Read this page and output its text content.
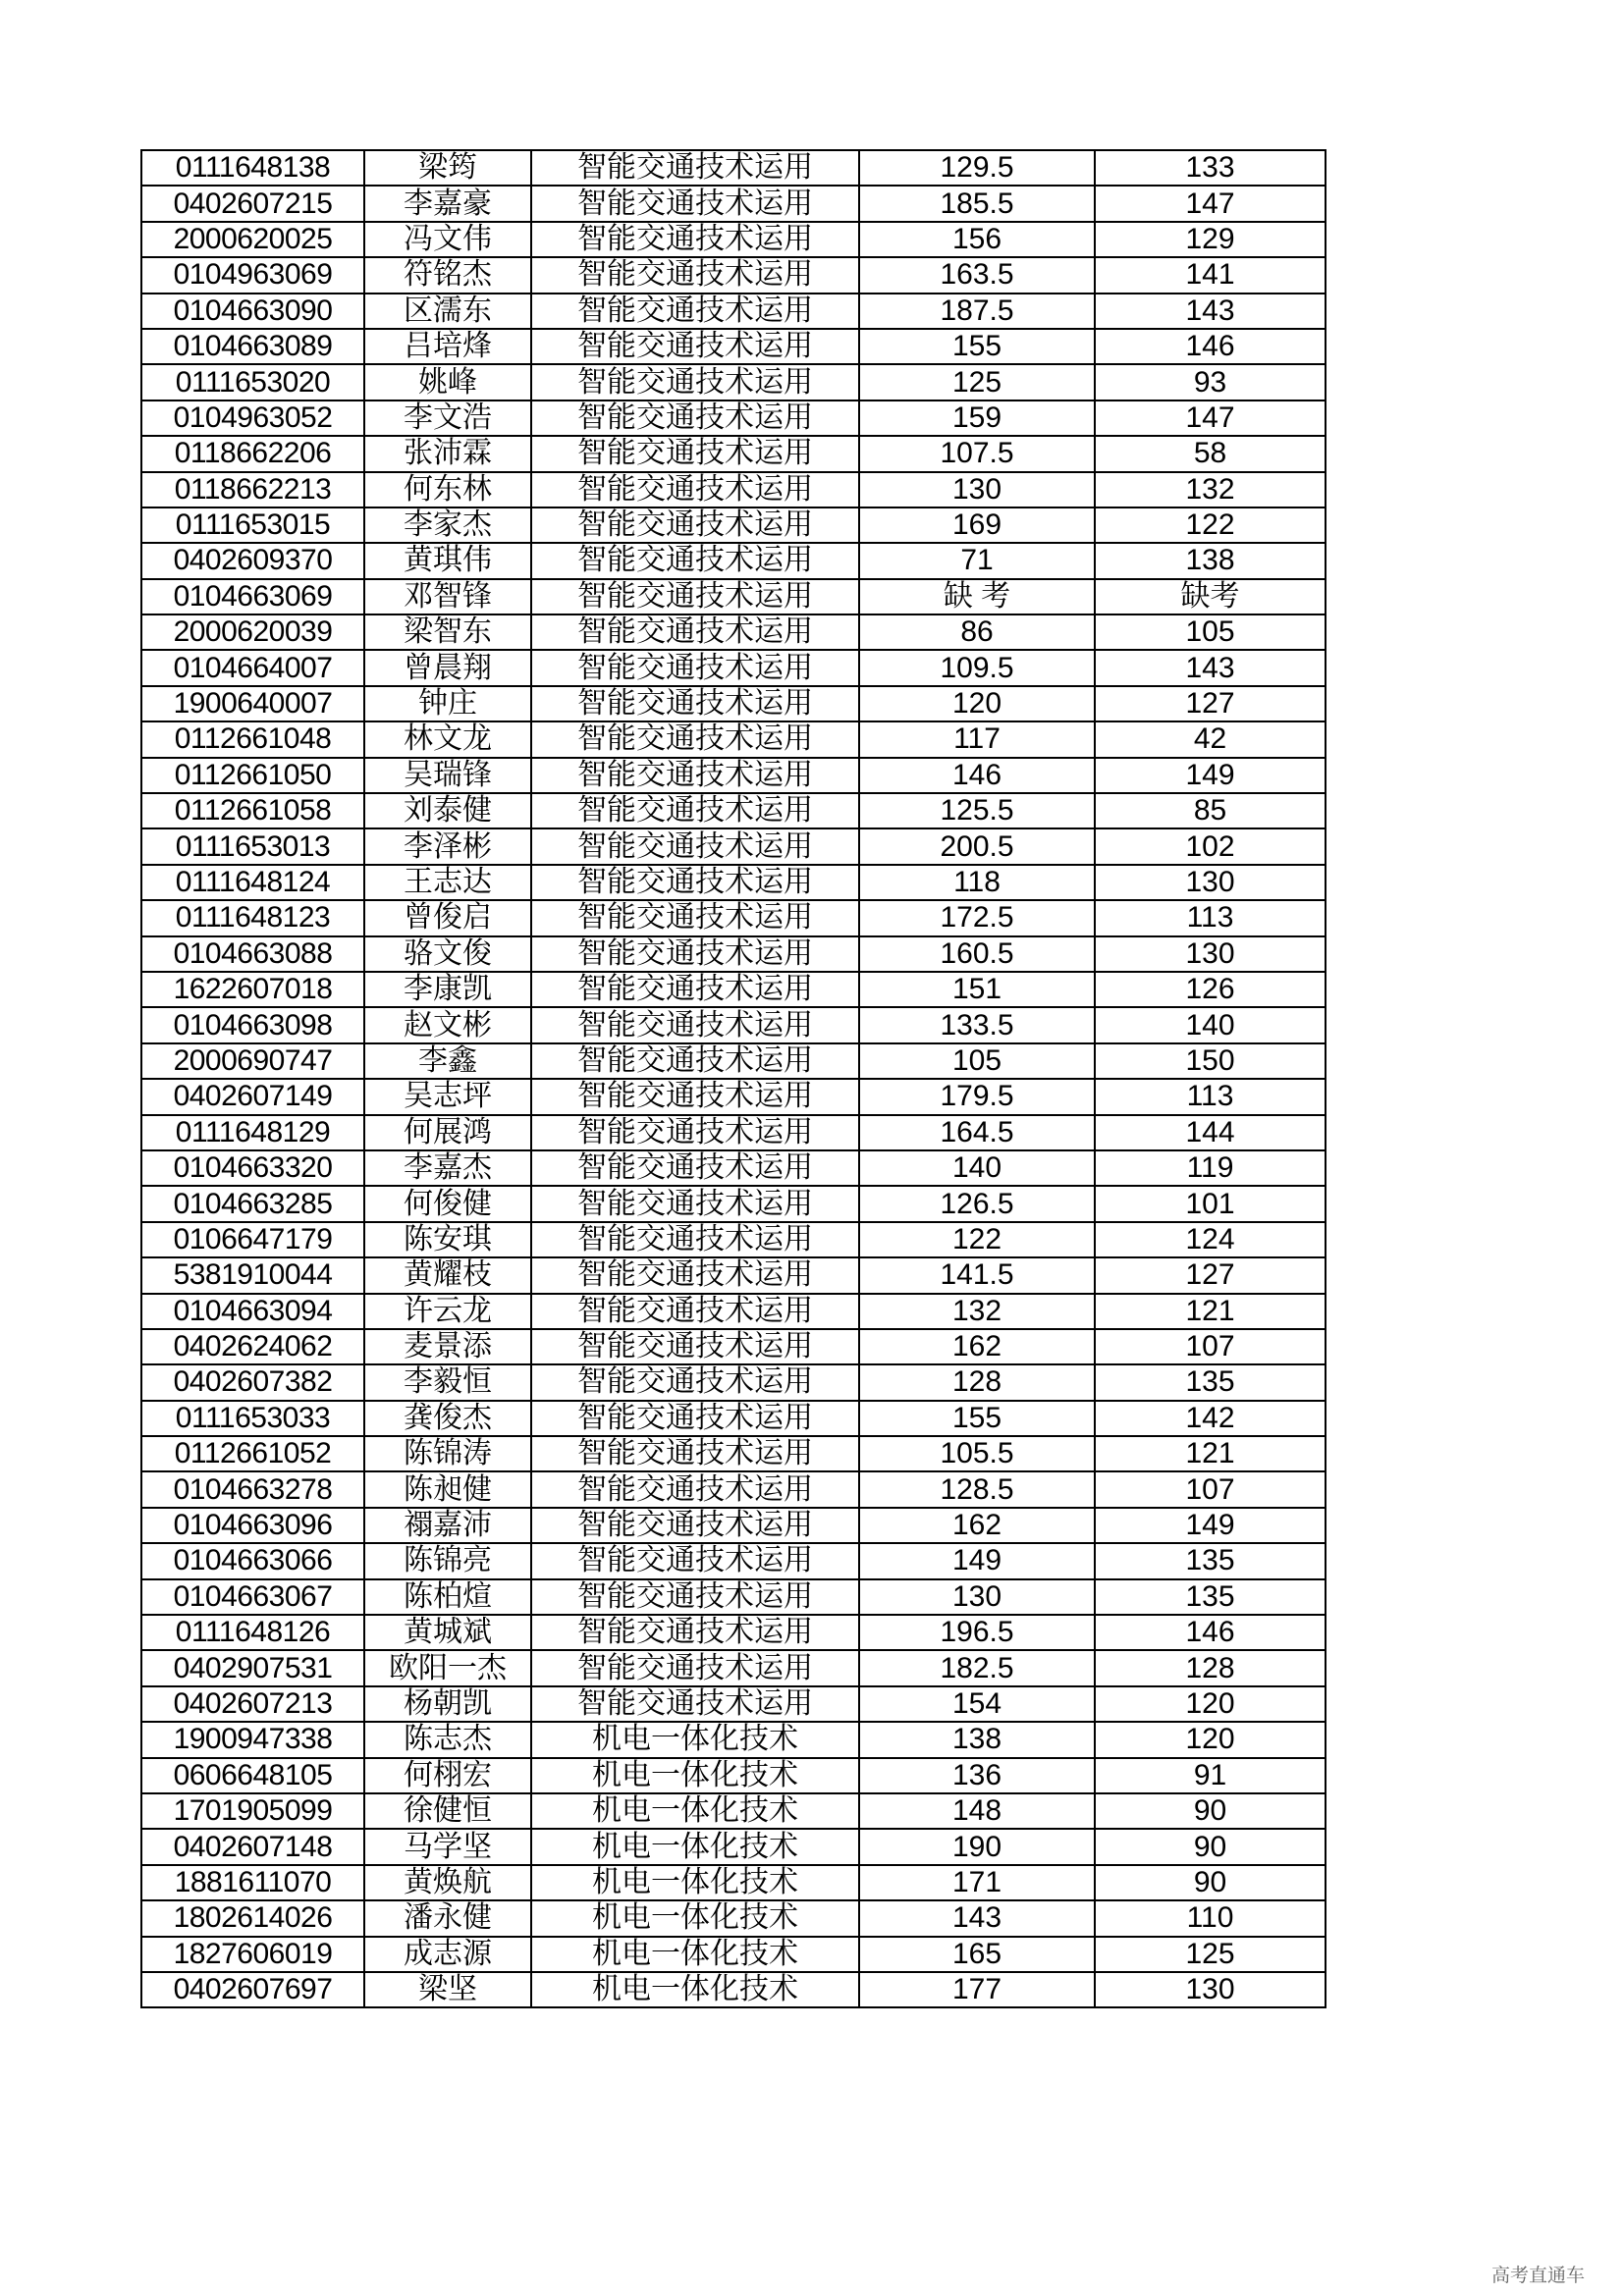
0111648138	梁筠	智能交通技术运用	129.5	133
0402607215	李嘉豪	智能交通技术运用	185.5	147
2000620025	冯文伟	智能交通技术运用	156	129
0104963069	符铭杰	智能交通技术运用	163.5	141
0104663090	区濡东	智能交通技术运用	187.5	143
0104663089	吕培烽	智能交通技术运用	155	146
0111653020	姚峰	智能交通技术运用	125	93
0104963052	李文浩	智能交通技术运用	159	147
0118662206	张沛霖	智能交通技术运用	107.5	58
0118662213	何东林	智能交通技术运用	130	132
0111653015	李家杰	智能交通技术运用	169	122
0402609370	黄琪伟	智能交通技术运用	71	138
0104663069	邓智锋	智能交通技术运用	缺 考	缺考
2000620039	梁智东	智能交通技术运用	86	105
0104664007	曾晨翔	智能交通技术运用	109.5	143
1900640007	钟庄	智能交通技术运用	120	127
0112661048	林文龙	智能交通技术运用	117	42
0112661050	吴瑞锋	智能交通技术运用	146	149
0112661058	刘泰健	智能交通技术运用	125.5	85
0111653013	李泽彬	智能交通技术运用	200.5	102
0111648124	王志达	智能交通技术运用	118	130
0111648123	曾俊启	智能交通技术运用	172.5	113
0104663088	骆文俊	智能交通技术运用	160.5	130
1622607018	李康凯	智能交通技术运用	151	126
0104663098	赵文彬	智能交通技术运用	133.5	140
2000690747	李鑫	智能交通技术运用	105	150
0402607149	吴志坪	智能交通技术运用	179.5	113
0111648129	何展鸿	智能交通技术运用	164.5	144
0104663320	李嘉杰	智能交通技术运用	140	119
0104663285	何俊健	智能交通技术运用	126.5	101
0106647179	陈安琪	智能交通技术运用	122	124
5381910044	黄耀枝	智能交通技术运用	141.5	127
0104663094	许云龙	智能交通技术运用	132	121
0402624062	麦景添	智能交通技术运用	162	107
0402607382	李毅恒	智能交通技术运用	128	135
0111653033	龚俊杰	智能交通技术运用	155	142
0112661052	陈锦涛	智能交通技术运用	105.5	121
0104663278	陈昶健	智能交通技术运用	128.5	107
0104663096	禤嘉沛	智能交通技术运用	162	149
0104663066	陈锦亮	智能交通技术运用	149	135
0104663067	陈柏煊	智能交通技术运用	130	135
0111648126	黄城斌	智能交通技术运用	196.5	146
0402907531	欧阳一杰	智能交通技术运用	182.5	128
0402607213	杨朝凯	智能交通技术运用	154	120
1900947338	陈志杰	机电一体化技术	138	120
0606648105	何栩宏	机电一体化技术	136	91
1701905099	徐健恒	机电一体化技术	148	90
0402607148	马学坚	机电一体化技术	190	90
1881611070	黄焕航	机电一体化技术	171	90
1802614026	潘永健	机电一体化技术	143	110
1827606019	成志源	机电一体化技术	165	125
0402607697	梁坚	机电一体化技术	177	130
高考直通车
